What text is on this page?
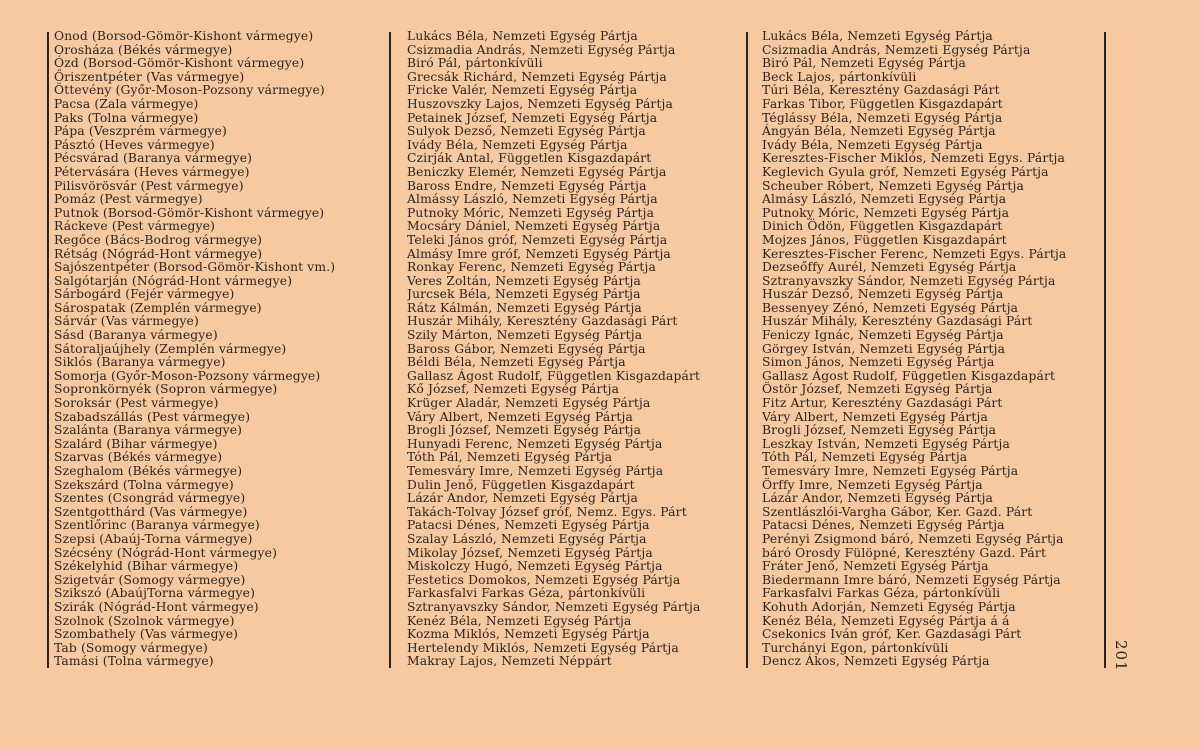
Ónod (Borsod-Gömör-Kishont vármegye)
Orosháza (Békés vármegye)
Ózd (Borsod-Gömör-Kishont vármegye)
Őriszentpéter (Vas vármegye)
Öttevény (Győr-Moson-Pozsony vármegye)
Pacsa (Zala vármegye)
Paks (Tolna vármegye)
Pápa (Veszprém vármegye)
Pásztó (Heves vármegye)
Pécsvárad (Baranya vármegye)
Pétervására (Heves vármegye)
Pilisvörösvár (Pest vármegye)
Pomáz (Pest vármegye)
Putnok (Borsod-Gömör-Kishont vármegye)
Ráckeve (Pest vármegye)
Regőce (Bács-Bodrog vármegye)
Rétság (Nógrád-Hont vármegye)
Sajószentpéter (Borsod-Gömör-Kishont vm.)
Salgótarján (Nógrád-Hont vármegye)
Sárbogárd (Fejér vármegye)
Sárospatak (Zemplén vármegye)
Sárvár (Vas vármegye)
Sásd (Baranya vármegye)
Sátoraljaújhely (Zemplén vármegye)
Siklós (Baranya vármegye)
Somorja (Győr-Moson-Pozsony vármegye)
Sopronkörnyék (Sopron vármegye)
Soroksár (Pest vármegye)
Szabadszállás (Pest vármegye)
Szalánta (Baranya vármegye)
Szalárd (Bihar vármegye)
Szarvas (Békés vármegye)
Szeghalom (Békés vármegye)
Szekszárd (Tolna vármegye)
Szentes (Csongrád vármegye)
Szentgotthárd (Vas vármegye)
Szentlőrinc (Baranya vármegye)
Szepsi (Abaúj-Torna vármegye)
Szécsény (Nógrád-Hont vármegye)
Székelyhid (Bihar vármegye)
Szigetvár (Somogy vármegye)
Szikszó (AbaújTorna vármegye)
Szirák (Nógrád-Hont vármegye)
Szolnok (Szolnok vármegye)
Szombathely (Vas vármegye)
Tab (Somogy vármegye)
Tamási (Tolna vármegye)
Lukács Béla, Nemzeti Egység Pártja
Csizmadia András, Nemzeti Egység Pártja
Biró Pál, pártonkívüli
Grecsák Richárd, Nemzeti Egység Pártja
Fricke Valér, Nemzeti Egység Pártja
Huszovszky Lajos, Nemzeti Egység Pártja
Petainek József, Nemzeti Egység Pártja
Sulyok Dezső, Nemzeti Egység Pártja
Ivády Béla, Nemzeti Egység Pártja
Czirják Antal, Független Kisgazdapárt
Beniczky Elemér, Nemzeti Egység Pártja
Baross Endre, Nemzeti Egység Pártja
Almássy László, Nemzeti Egység Pártja
Putnoky Móric, Nemzeti Egység Pártja
Mocsáry Dániel, Nemzeti Egység Pártja
Teleki János gróf, Nemzeti Egység Pártja
Almásy Imre gróf, Nemzeti Egység Pártja
Ronkay Ferenc, Nemzeti Egység Pártja
Veres Zoltán, Nemzeti Egység Pártja
Jurcsek Béla, Nemzeti Egység Pártja
Rátz Kálmán, Nemzeti Egység Pártja
Huszár Mihály, Keresztény Gazdasági Párt
Szily Márton, Nemzeti Egység Pártja
Baross Gábor, Nemzeti Egység Pártja
Béldi Béla, Nemzeti Egység Pártja
Gallasz Ágost Rudolf, Független Kisgazdapárt
Kő József, Nemzeti Egység Pártja
Krüger Aladár, Nemzeti Egység Pártja
Váry Albert, Nemzeti Egység Pártja
Brogli József, Nemzeti Egység Pártja
Hunyadi Ferenc, Nemzeti Egység Pártja
Tóth Pál, Nemzeti Egység Pártja
Temesváry Imre, Nemzeti Egység Pártja
Dulin Jenő, Független Kisgazdapárt
Lázár Andor, Nemzeti Egység Pártja
Takách-Tolvay József gróf, Nemz. Egys. Párt
Patacsi Dénes, Nemzeti Egység Pártja
Szalay László, Nemzeti Egység Pártja
Mikolay József, Nemzeti Egység Pártja
Miskolczy Hugó, Nemzeti Egység Pártja
Festetics Domokos, Nemzeti Egység Pártja
Farkasfalvi Farkas Géza, pártonkívüli
Sztranyavszky Sándor, Nemzeti Egység Pártja
Kenéz Béla, Nemzeti Egység Pártja
Kozma Miklós, Nemzeti Egység Pártja
Hertelendy Miklós, Nemzeti Egység Pártja
Makray Lajos, Nemzeti Néppárt
Lukács Béla, Nemzeti Egység Pártja
Csizmadia András, Nemzeti Egység Pártja
Biró Pál, Nemzeti Egység Pártja
Beck Lajos, pártonkívüli
Túri Béla, Keresztény Gazdasági Párt
Farkas Tibor, Független Kisgazdapárt
Téglássy Béla, Nemzeti Egység Pártja
Ángyán Béla, Nemzeti Egység Pártja
Ivády Béla, Nemzeti Egység Pártja
Keresztes-Fischer Miklós, Nemzeti Egys. Pártja
Keglevich Gyula gróf, Nemzeti Egység Pártja
Scheuber Róbert, Nemzeti Egység Pártja
Almásy László, Nemzeti Egység Pártja
Putnoky Móric, Nemzeti Egység Pártja
Dinich Ödön, Független Kisgazdapárt
Mojzes János, Független Kisgazdapárt
Keresztes-Fischer Ferenc, Nemzeti Egys. Pártja
Dezseőffy Aurél, Nemzeti Egység Pártja
Sztranyavszky Sándor, Nemzeti Egység Pártja
Huszár Dezső, Nemzeti Egység Pártja
Bessenyey Zénó, Nemzeti Egység Pártja
Huszár Mihály, Keresztény Gazdasági Párt
Feniczy Ignác, Nemzeti Egység Pártja
Görgey István, Nemzeti Egység Pártja
Simon János, Nemzeti Egység Pártja
Gallasz Ágost Rudolf, Független Kisgazdapárt
Östör József, Nemzeti Egység Pártja
Fitz Artur, Keresztény Gazdasági Párt
Váry Albert, Nemzeti Egység Pártja
Brogli József, Nemzeti Egység Pártja
Leszkay István, Nemzeti Egység Pártja
Tóth Pál, Nemzeti Egység Pártja
Temesváry Imre, Nemzeti Egység Pártja
Örffy Imre, Nemzeti Egység Pártja
Lázár Andor, Nemzeti Egység Pártja
Szentlászlói-Vargha Gábor, Ker. Gazd. Párt
Patacsi Dénes, Nemzeti Egység Pártja
Perényi Zsigmond báró, Nemzeti Egység Pártja
báró Orosdy Fülöpné, Keresztény Gazd. Párt
Fráter Jenő, Nemzeti Egység Pártja
Biedermann Imre báró, Nemzeti Egység Pártja
Farkasfalvi Farkas Géza, pártonkívüli
Kohuth Adorján, Nemzeti Egység Pártja
Kenéz Béla, Nemzeti Egység Pártja á á
Csekonics Iván gróf, Ker. Gazdasági Párt
Turchányi Egon, pártonkívüli
Dencz Ákos, Nemzeti Egység Pártja	201
